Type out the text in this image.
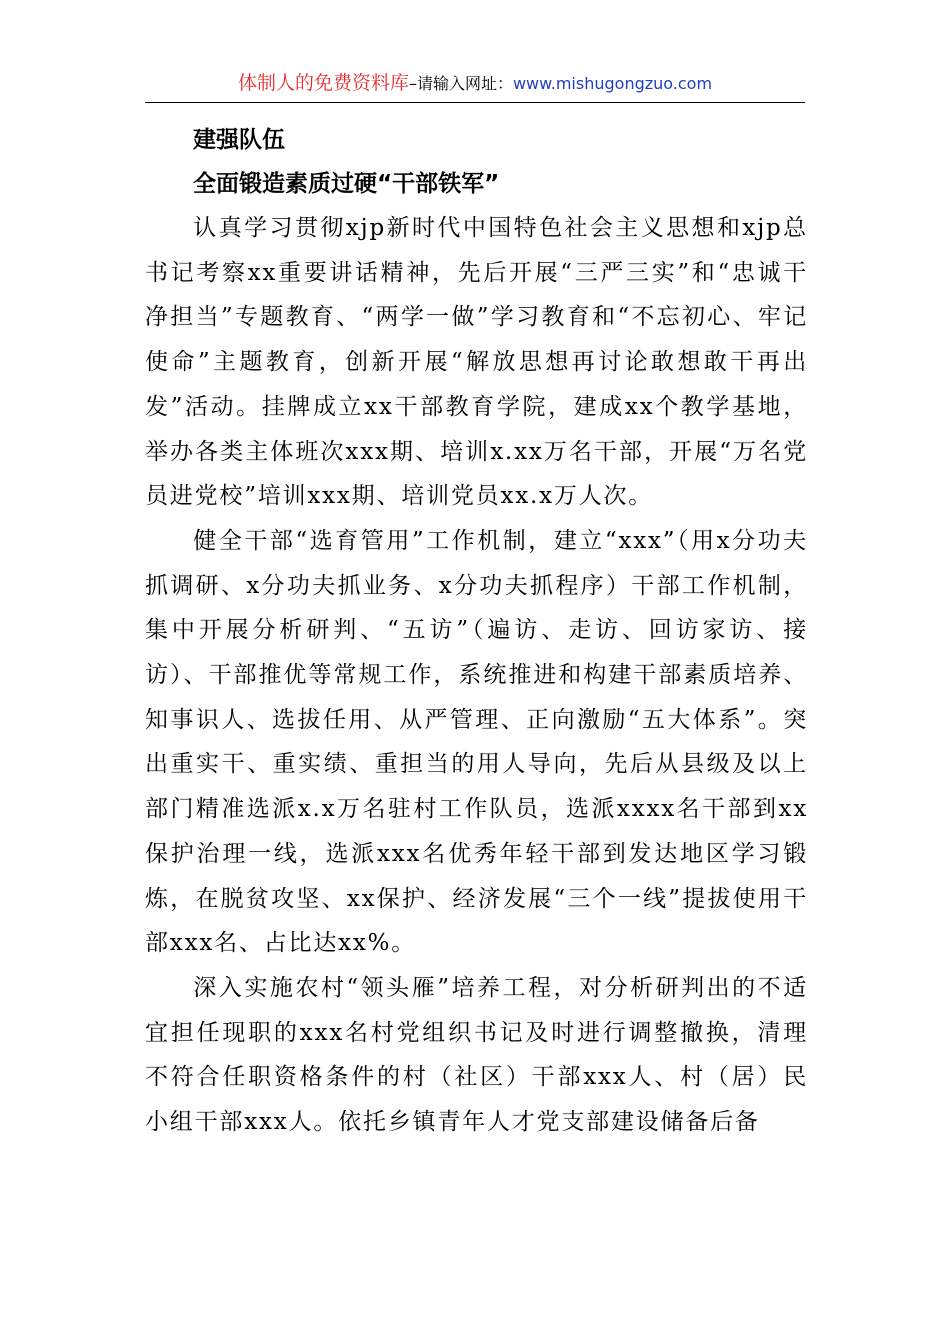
体制人的免费资料库–请输入网址：www.mishugongzuo.com

建强队伍

全面锻造素质过硬“干部铁军”

认真学习贯彻xjp新时代中国特色社会主义思想和xjp总书记考察xx重要讲话精神，先后开展“三严三实”和“忠诚干净担当”专题教育、“两学一做”学习教育和“不忘初心、牢记使命”主题教育，创新开展“解放思想再讨论敢想敢干再出发”活动。挂牌成立xx干部教育学院，建成xx个教学基地，举办各类主体班次xxx期、培训x.xx万名干部，开展“万名党员进党校”培训xxx期、培训党员xx.x万人次。

健全干部“选育管用”工作机制，建立“xxx”（用x分功夫抓调研、x分功夫抓业务、x分功夫抓程序）干部工作机制，集中开展分析研判、“五访”（遍访、走访、回访家访、接访）、干部推优等常规工作，系统推进和构建干部素质培养、知事识人、选拔任用、从严管理、正向激励“五大体系”。突出重实干、重实绩、重担当的用人导向，先后从县级及以上部门精准选派x.x万名驻村工作队员，选派xxxx名干部到xx保护治理一线，选派xxx名优秀年轻干部到发达地区学习锻炼，在脱贫攻坚、xx保护、经济发展“三个一线”提拔使用干部xxx名、占比达xx%。

深入实施农村“领头雁”培养工程，对分析研判出的不适宜担任现职的xxx名村党组织书记及时进行调整撤换，清理不符合任职资格条件的村（社区）干部xxx人、村（居）民小组干部xxx人。依托乡镇青年人才党支部建设储备后备
